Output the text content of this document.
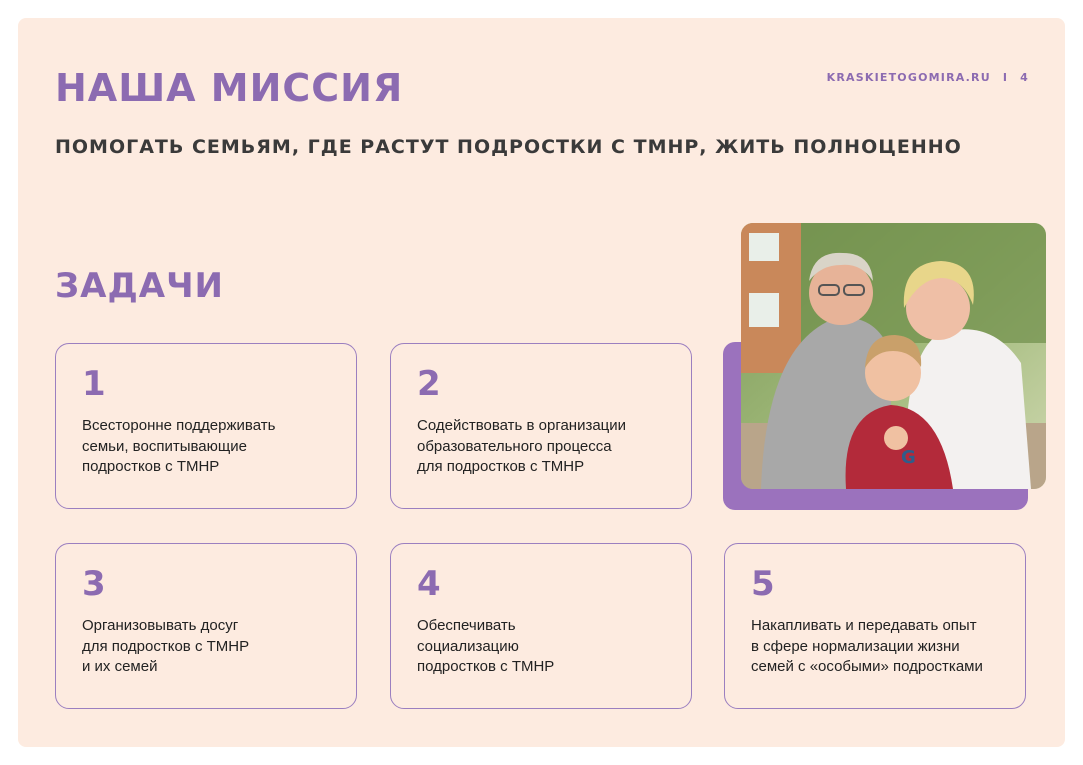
НАША МИССИЯ	KRASKIETOGOMIRA.RU I 4
ПОМОГАТЬ СЕМЬЯМ, ГДЕ РАСТУТ ПОДРОСТКИ С ТМНР, ЖИТЬ ПОЛНОЦЕННО
ЗАДАЧИ
1
Всесторонне поддерживать
семьи, воспитывающие
подростков с ТМНР
2
Содействовать в организации
образовательного процесса
для подростков с ТМНР	G
3
Организовывать досуг
для подростков с ТМНР
и их семей
4
Обеспечивать
социализацию
подростков с ТМНР
5
Накапливать и передавать опыт
в сфере нормализации жизни
семей с «особыми» подростками
